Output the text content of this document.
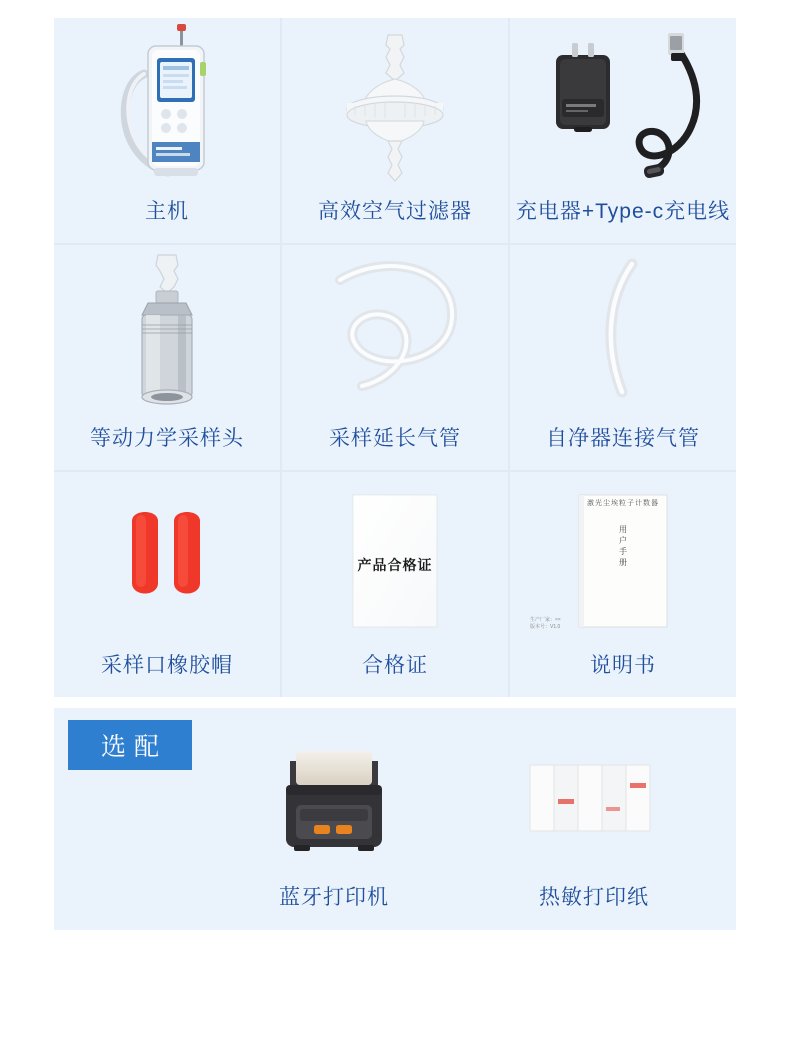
主机	高效空气过滤器 充电器+Type-c充电线
等动力学采样头	采样延长气管	自净器连接气管
采样口橡胶帽
产品合格证
合格证
激光尘埃粒子计数器
用
户
手
册
生产厂家：××
版本号：V1.0
说明书
选配
蓝牙打印机	热敏打印纸
